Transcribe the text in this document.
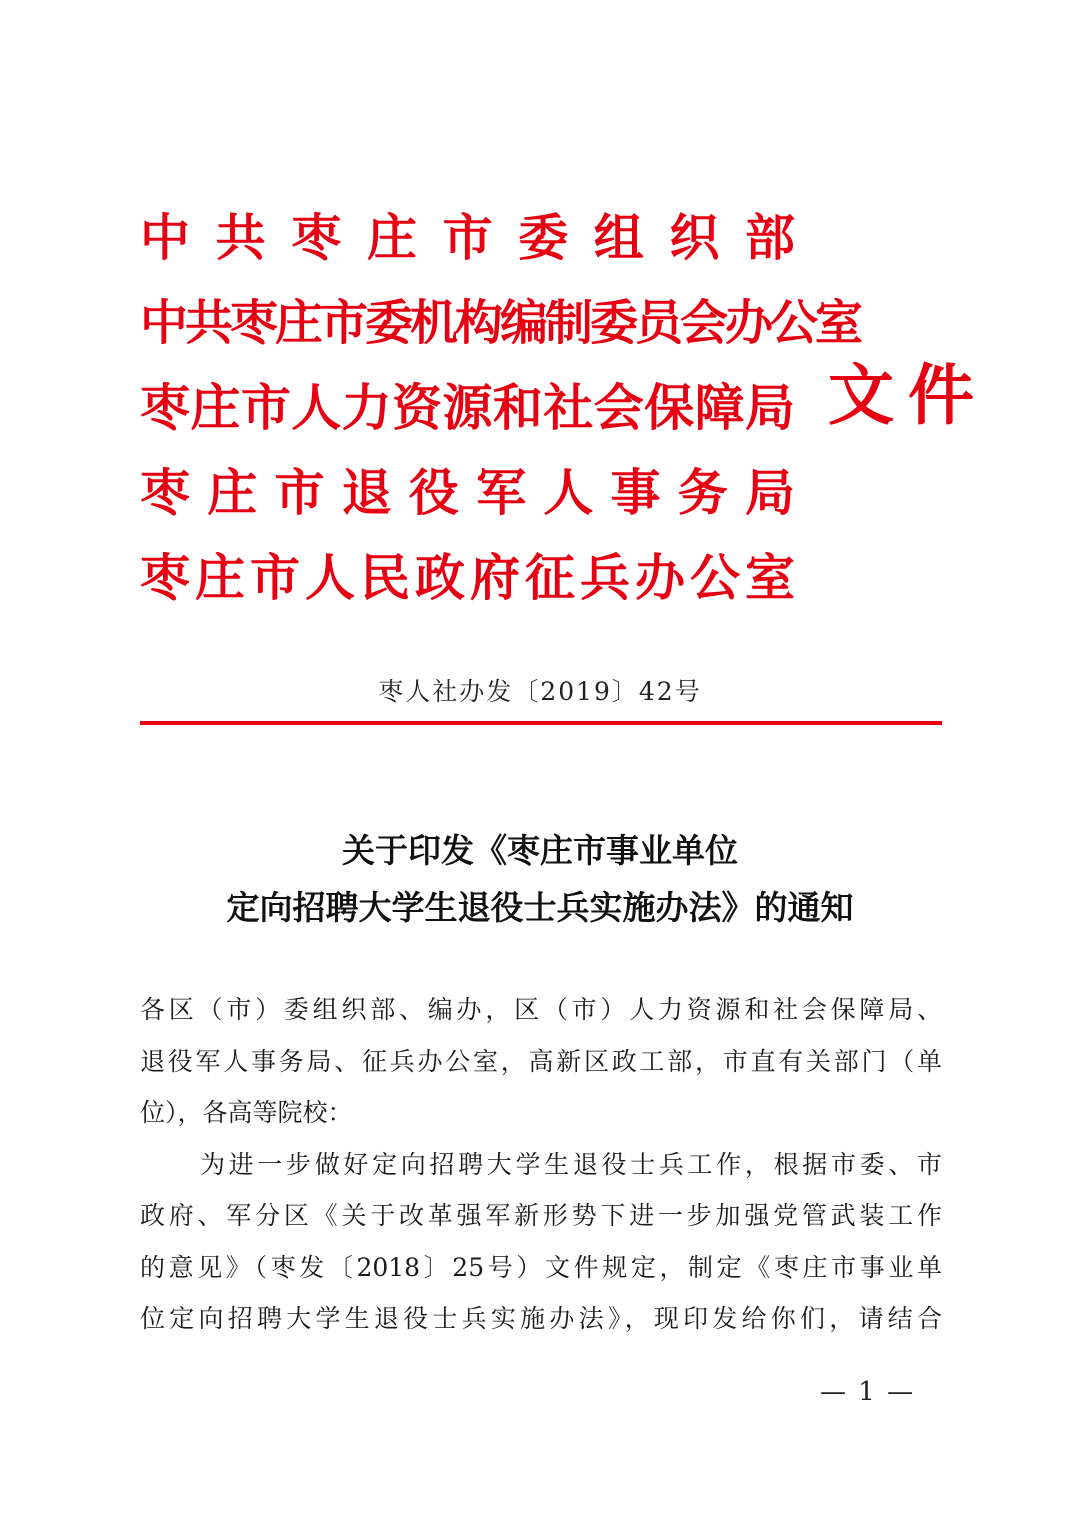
中共枣庄市委组织部
中共枣庄市委机构编制委员会办公室
枣庄市人力资源和社会保障局
枣庄市退役军人事务局
枣庄市人民政府征兵办公室
文件
枣人社办发〔2019〕42号
关于印发《枣庄市事业单位
定向招聘大学生退役士兵实施办法》的通知
各区（市）委组织部、编办，区（市）人力资源和社会保障局、
退役军人事务局、征兵办公室，高新区政工部，市直有关部门（单
位），各高等院校：
为进一步做好定向招聘大学生退役士兵工作，根据市委、市
政府、军分区《关于改革强军新形势下进一步加强党管武装工作
的意见》（枣发〔2018〕25号）文件规定，制定《枣庄市事业单
位定向招聘大学生退役士兵实施办法》，现印发给你们，请结合
— 1 —
